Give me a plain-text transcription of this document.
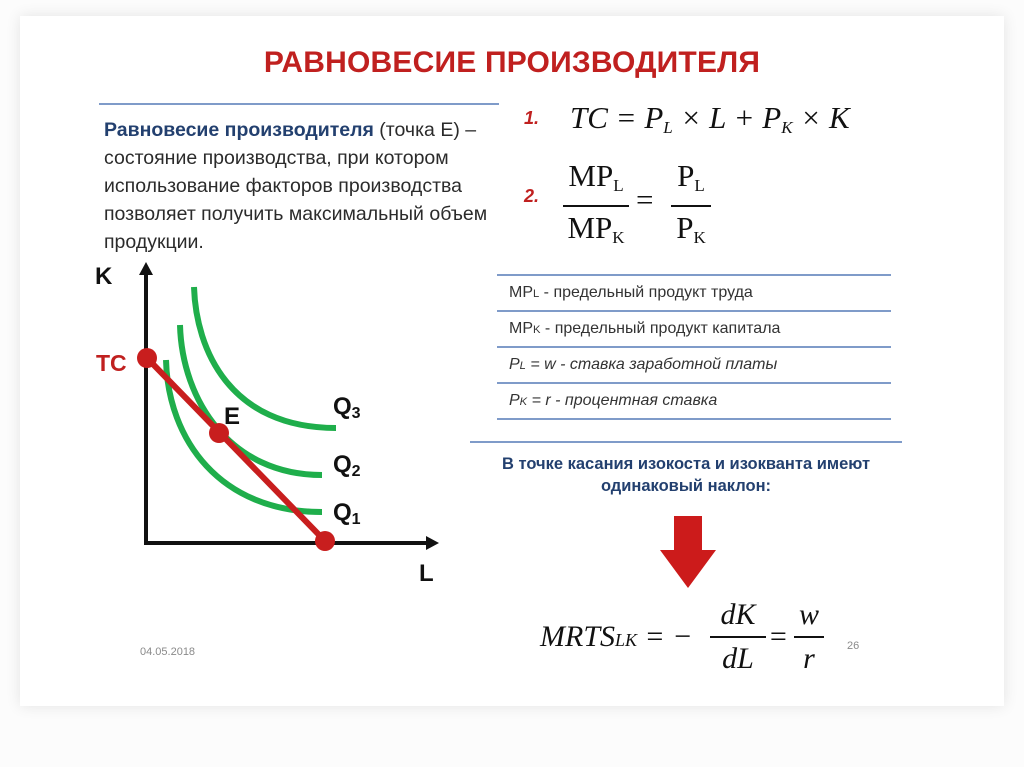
РАВНОВЕСИЕ ПРОИЗВОДИТЕЛЯ
Равновесие производителя (точка Е) – состояние производства, при котором использование факторов производства позволяет получить максимальный объем продукции.
1. TC = $P_L \times L + P_K \times K$
2.
$MP_L$
$MP_K$
=
$P_L$
$P_K$
MPL - предельный продукт труда
MPK - предельный продукт капитала
PL = w - ставка заработной платы
PK = r - процентная ставка
В точке касания изокоста и изокванта имеют одинаковый наклон:
MRTSLK = −
dK
dL
=
w
r
04.05.2018	26
K
L
TC
E	Q3
Q2
Q1
